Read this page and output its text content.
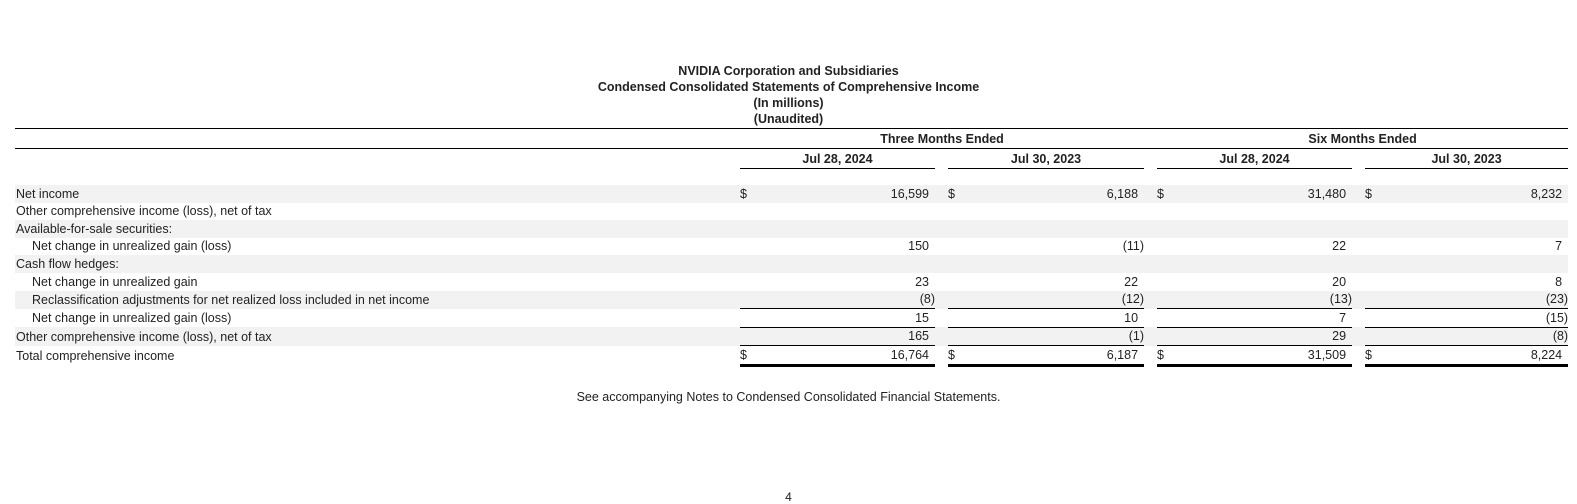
NVIDIA Corporation and Subsidiaries
Condensed Consolidated Statements of Comprehensive Income
(In millions)
(Unaudited)
	Three Months Ended						Six Months Ended				
	Jul 28, 2024			Jul 30, 2023			Jul 28, 2024			Jul 30, 2023	

Net income	$	16,599		$	6,188		$	31,480		$	8,232
Other comprehensive income (loss), net of tax											
Available-for-sale securities:											
Net change in unrealized gain (loss)		150			(11)			22			7
Cash flow hedges:											
Net change in unrealized gain		23			22			20			8
Reclassification adjustments for net realized loss included in net income		(8)			(12)			(13)			(23)
Net change in unrealized gain (loss)		15			10			7			(15)
Other comprehensive income (loss), net of tax		165			(1)			29			(8)
Total comprehensive income	$	16,764		$	6,187		$	31,509		$	8,224
See accompanying Notes to Condensed Consolidated Financial Statements.
4
